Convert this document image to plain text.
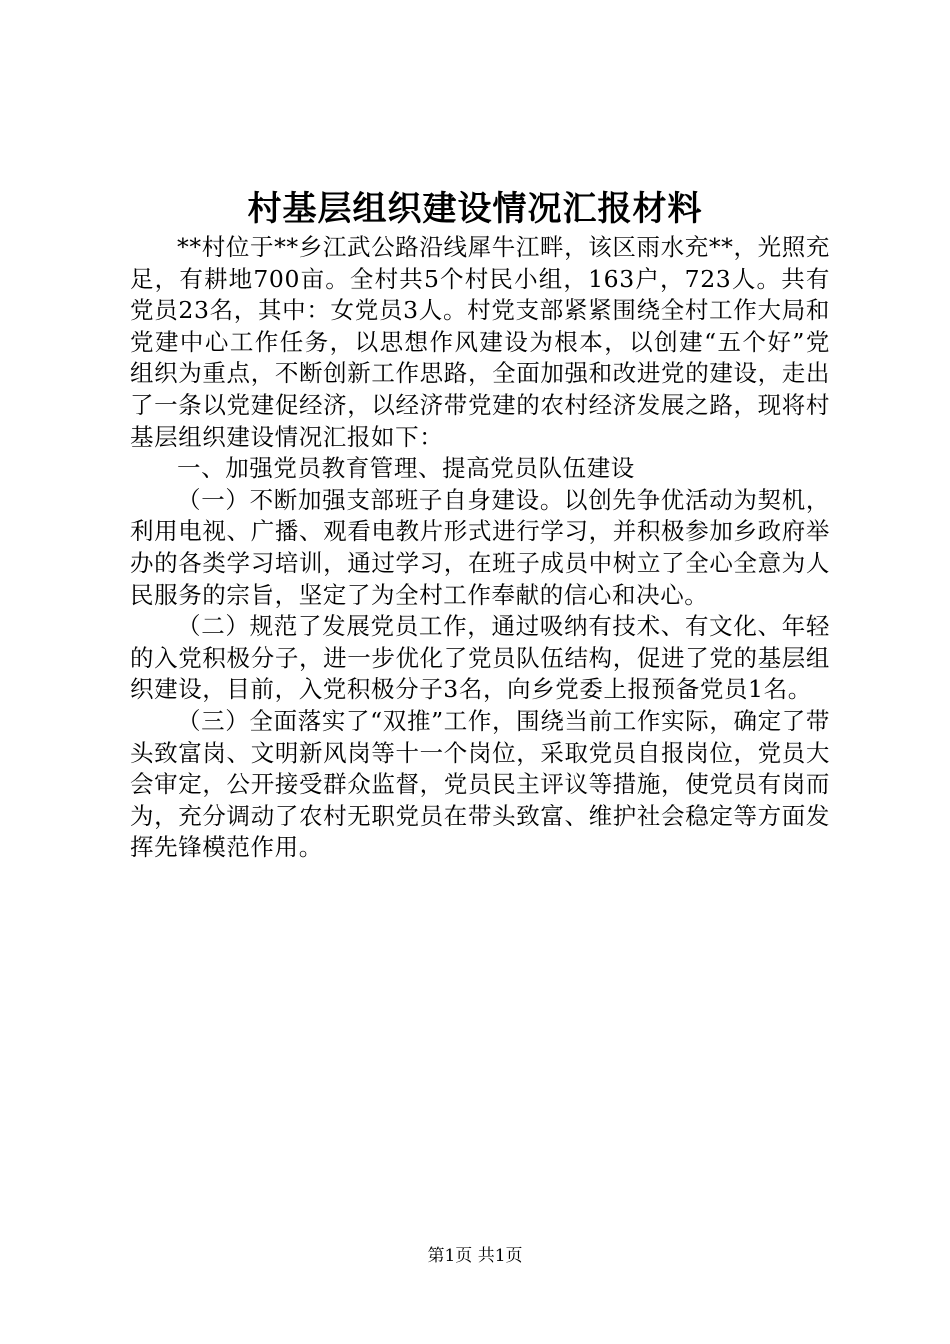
村基层组织建设情况汇报材料

**村位于**乡江武公路沿线犀牛江畔，该区雨水充**，光照充足，有耕地700亩。全村共5个村民小组，163户，723人。共有党员23名，其中：女党员3人。村党支部紧紧围绕全村工作大局和党建中心工作任务，以思想作风建设为根本，以创建“五个好”党组织为重点，不断创新工作思路，全面加强和改进党的建设，走出了一条以党建促经济，以经济带党建的农村经济发展之路，现将村基层组织建设情况汇报如下：

一、加强党员教育管理、提高党员队伍建设

（一）不断加强支部班子自身建设。以创先争优活动为契机，利用电视、广播、观看电教片形式进行学习，并积极参加乡政府举办的各类学习培训，通过学习，在班子成员中树立了全心全意为人民服务的宗旨，坚定了为全村工作奉献的信心和决心。

（二）规范了发展党员工作，通过吸纳有技术、有文化、年轻的入党积极分子，进一步优化了党员队伍结构，促进了党的基层组织建设，目前，入党积极分子3名，向乡党委上报预备党员1名。

（三）全面落实了“双推”工作，围绕当前工作实际，确定了带头致富岗、文明新风岗等十一个岗位，采取党员自报岗位，党员大会审定，公开接受群众监督，党员民主评议等措施，使党员有岗而为，充分调动了农村无职党员在带头致富、维护社会稳定等方面发挥先锋模范作用。

第1页 共1页
